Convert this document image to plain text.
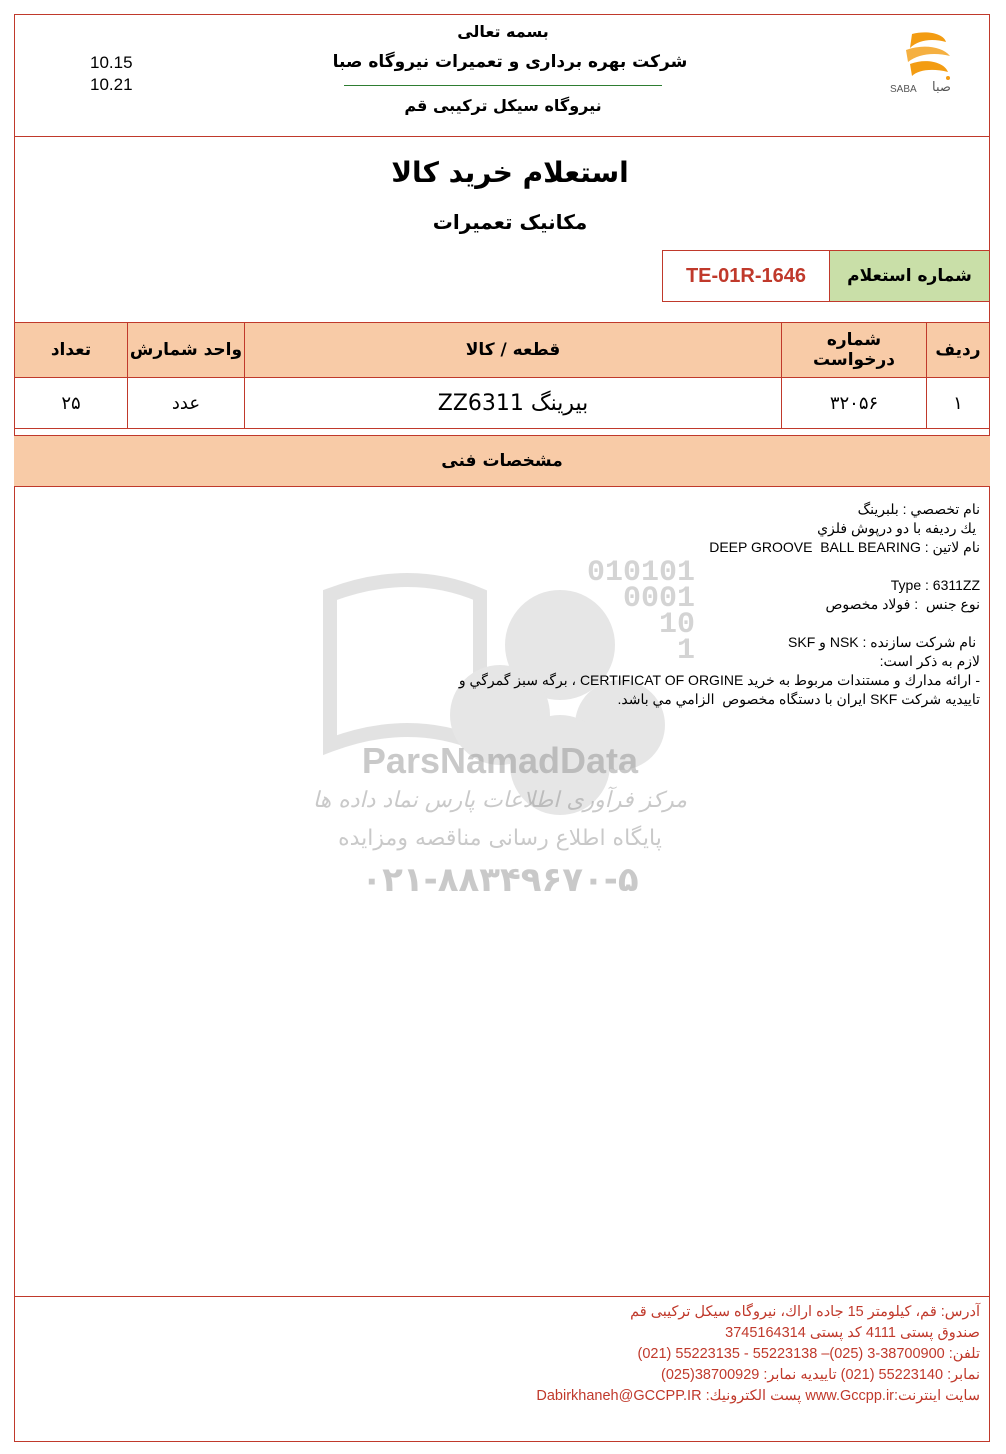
بسمه تعالی
شرکت بهره برداری و تعمیرات نیروگاه صبا
نیروگاه سیکل ترکیبی قم
10.15
10.21	SABA صبا
استعلام خرید کالا
مکانیک تعمیرات
شماره استعلام
TE-01R-1646
ردیف	شماره درخواست	قطعه / کالا	واحد شمارش	تعداد
۱	۳۲۰۵۶	بیرینگ ZZ6311	عدد	۲۵
مشخصات فنی
010101
0001
10
1
ParsNamadData
مرکز فرآوری اطلاعات پارس نماد داده ها
پایگاه اطلاع رسانی مناقصه ومزایده
۰۲۱-۸۸۳۴۹۶۷۰-۵
نام تخصصي : بلبرينگ
يك رديفه با دو درپوش فلزي
نام لاتين : DEEP GROOVE  BALL BEARING
Type : 6311ZZ
نوع جنس  : فولاد مخصوص
نام شركت سازنده : NSK و SKF
لازم به ذكر است:
- ارائه مدارك و مستندات مربوط به خريد CERTIFICAT OF ORGINE ، برگه سبز گمرگي و
تاييديه شركت SKF ايران با دستگاه مخصوص  الزامي مي باشد.
آدرس: قم، کیلومتر 15 جاده اراك، نیروگاه سیکل ترکیبی قم
صندوق پستی 4111 کد پستی 3745164314
تلفن: 38700900-3 (025)– 55223138 - 55223135 (021)
نمابر: 55223140 (021) تاییدیه نمابر: 38700929(025)
سایت اینترنت:www.Gccpp.ir پست الکترونیك: Dabirkhaneh@GCCPP.IR
